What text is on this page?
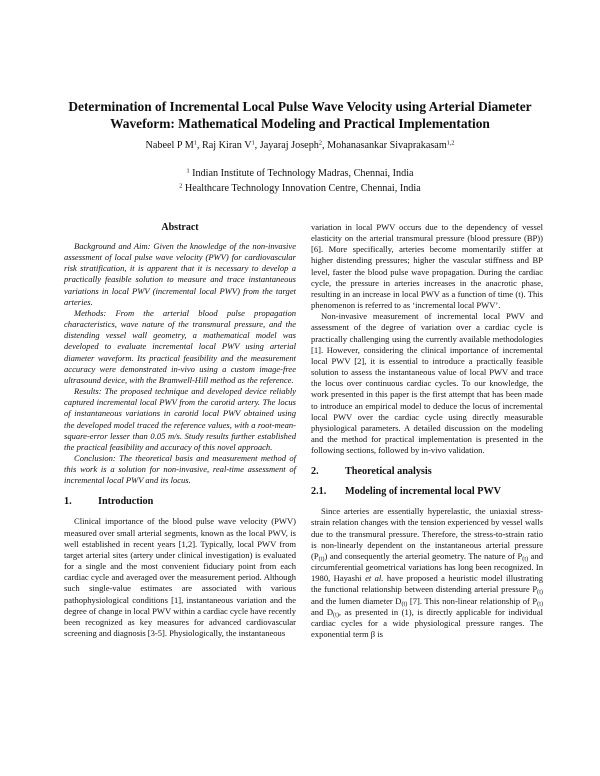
Determination of Incremental Local Pulse Wave Velocity using Arterial Diameter Waveform: Mathematical Modeling and Practical Implementation
Nabeel P $M^1$, Raj Kiran $V^1$, Jayaraj Joseph$^2$, Mohanasankar Sivaprakasam$^{1,2}$
$^1$ Indian Institute of Technology Madras, Chennai, India
$^2$ Healthcare Technology Innovation Centre, Chennai, India
Abstract

Background and Aim: Given the knowledge of the non-invasive assessment of local pulse wave velocity (PWV) for cardiovascular risk stratification, it is apparent that it is necessary to develop a practically feasible solution to measure and trace instantaneous variations in local PWV (incremental local PWV) from the target arteries.

Methods: From the arterial blood pulse propagation characteristics, wave nature of the transmural pressure, and the distending vessel wall geometry, a mathematical model was developed to evaluate incremental local PWV using arterial diameter waveform. Its practical feasibility and the measurement accuracy were demonstrated in-vivo using a custom image-free ultrasound device, with the Bramwell-Hill method as the reference.

Results: The proposed technique and developed device reliably captured incremental local PWV from the carotid artery. The locus of instantaneous variations in carotid local PWV obtained using the developed model traced the reference values, with a root-mean-square-error lesser than 0.05 m/s. Study results further established the practical feasibility and accuracy of this novel approach.

Conclusion: The theoretical basis and measurement method of this work is a solution for non-invasive, real-time assessment of incremental local PWV and its locus.

1.	Introduction

Clinical importance of the blood pulse wave velocity (PWV) measured over small arterial segments, known as the local PWV, is well established in recent years [1,2]. Typically, local PWV from target arterial sites (artery under clinical investigation) is evaluated for a single and the most convenient fiduciary point from each cardiac cycle and averaged over the measurement period. Although such single-value estimates are associated with various pathophysiological conditions [1], instantaneous variation and the degree of change in local PWV within a cardiac cycle have recently been recognized as key measures for advanced cardiovascular screening and diagnosis [3-5]. Physiologically, the instantaneous

variation in local PWV occurs due to the dependency of vessel elasticity on the arterial transmural pressure (blood pressure (BP)) [6]. More specifically, arteries become momentarily stiffer at higher distending pressures; higher the vascular stiffness and BP level, faster the blood pulse wave propagation. During the cardiac cycle, the pressure in arteries increases in the anacrotic phase, resulting in an increase in local PWV as a function of time (t). This phenomenon is referred to as ‘incremental local PWV’.

Non-invasive measurement of incremental local PWV and assessment of the degree of variation over a cardiac cycle is practically challenging using the currently available methodologies [1]. However, considering the clinical importance of incremental local PWV [2], it is essential to introduce a practically feasible solution to assess the instantaneous value of local PWV and trace the locus over continuous cardiac cycles. To our knowledge, the work presented in this paper is the first attempt that has been made to introduce an empirical model to deduce the locus of incremental local PWV over the cardiac cycle using directly measurable physiological parameters. A detailed discussion on the modeling and the method for practical implementation is presented in the following sections, followed by in-vivo validation.

2.	Theoretical analysis
2.1.	Modeling of incremental local PWV

Since arteries are essentially hyperelastic, the uniaxial stress-strain relation changes with the tension experienced by vessel walls due to the transmural pressure. Therefore, the stress-to-strain ratio is non-linearly dependent on the instantaneous arterial pressure $(P_{(t)})$ and consequently the arterial geometry. The nature of $P_{(t)}$ and circumferential geometrical variations has long been recognized. In 1980, Hayashi et al. have proposed a heuristic model illustrating the functional relationship between distending arterial pressure $P_{(t)}$ and the lumen diameter $D_{(t)}$ [7]. This non-linear relationship of $P_{(t)}$ and $D_{(t)}$, as presented in (1), is directly applicable for individual cardiac cycles for a wide physiological pressure ranges. The exponential term β is
